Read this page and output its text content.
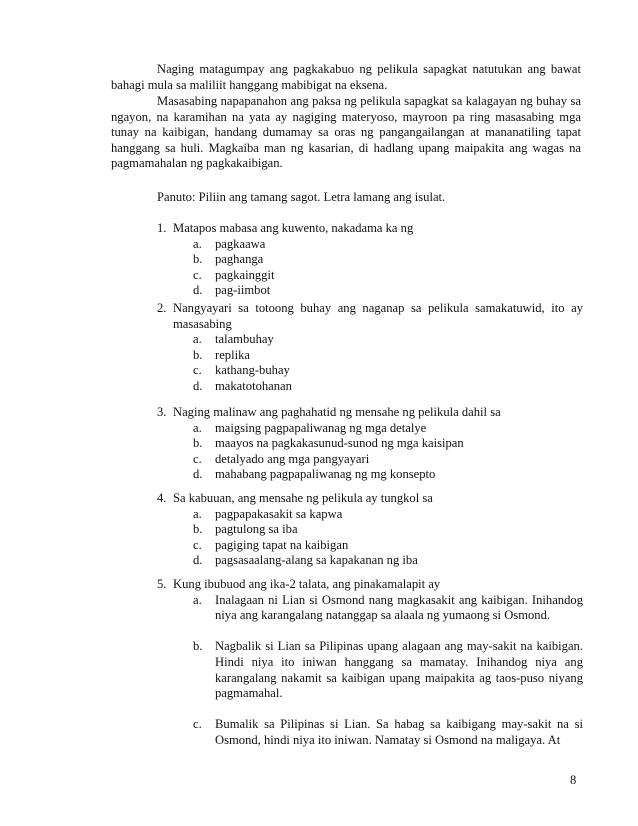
Naging matagumpay ang pagkakabuo ng pelikula sapagkat natutukan ang bawat bahagi mula sa maliliit hanggang mabibigat na eksena.

Masasabing napapanahon ang paksa ng pelikula sapagkat sa kalagayan ng buhay sa ngayon, na karamihan na yata ay nagiging materyoso, mayroon pa ring masasabing mga tunay na kaibigan, handang dumamay sa oras ng pangangailangan at mananatiling tapat hanggang sa huli. Magkaiba man ng kasarian, di hadlang upang maipakita ang wagas na pagmamahalan ng pagkakaibigan.

Panuto: Piliin ang tamang sagot. Letra lamang ang isulat.
1. Matapos mabasa ang kuwento, nakadama ka ng
a.	pagkaawa
b. paghanga
c.	pagkainggit
d. pag-iimbot
2. Nangyayari sa totoong buhay ang naganap sa pelikula samakatuwid, ito ay masasabing
a.	talambuhay
b. replika
c.	kathang-buhay
d. makatotohanan
3. Naging malinaw ang paghahatid ng mensahe ng pelikula dahil sa
a.	maigsing pagpapaliwanag ng mga detalye
b. maayos na pagkakasunud-sunod ng mga kaisipan
c.	detalyado ang mga pangyayari
d. mahabang pagpapaliwanag ng mg konsepto
4. Sa kabuuan, ang mensahe ng pelikula ay tungkol sa
a.	pagpapakasakit sa kapwa
b. pagtulong sa iba
c.	pagiging tapat na kaibigan
d. pagsasaalang-alang sa kapakanan ng iba
5. Kung ibubuod ang ika-2 talata, ang pinakamalapit ay
a.	Inalagaan ni Lian si Osmond nang magkasakit ang kaibigan. Inihandog niya ang karangalang natanggap sa alaala ng yumaong si Osmond.
b. Nagbalik si Lian sa Pilipinas upang alagaan ang may-sakit na kaibigan. Hindi niya ito iniwan hanggang sa mamatay. Inihandog niya ang karangalang nakamit sa kaibigan upang maipakita ag taos-puso niyang pagmamahal.
c.	Bumalik sa Pilipinas si Lian. Sa habag sa kaibigang may-sakit na si Osmond, hindi niya ito iniwan. Namatay si Osmond na maligaya. At
8
